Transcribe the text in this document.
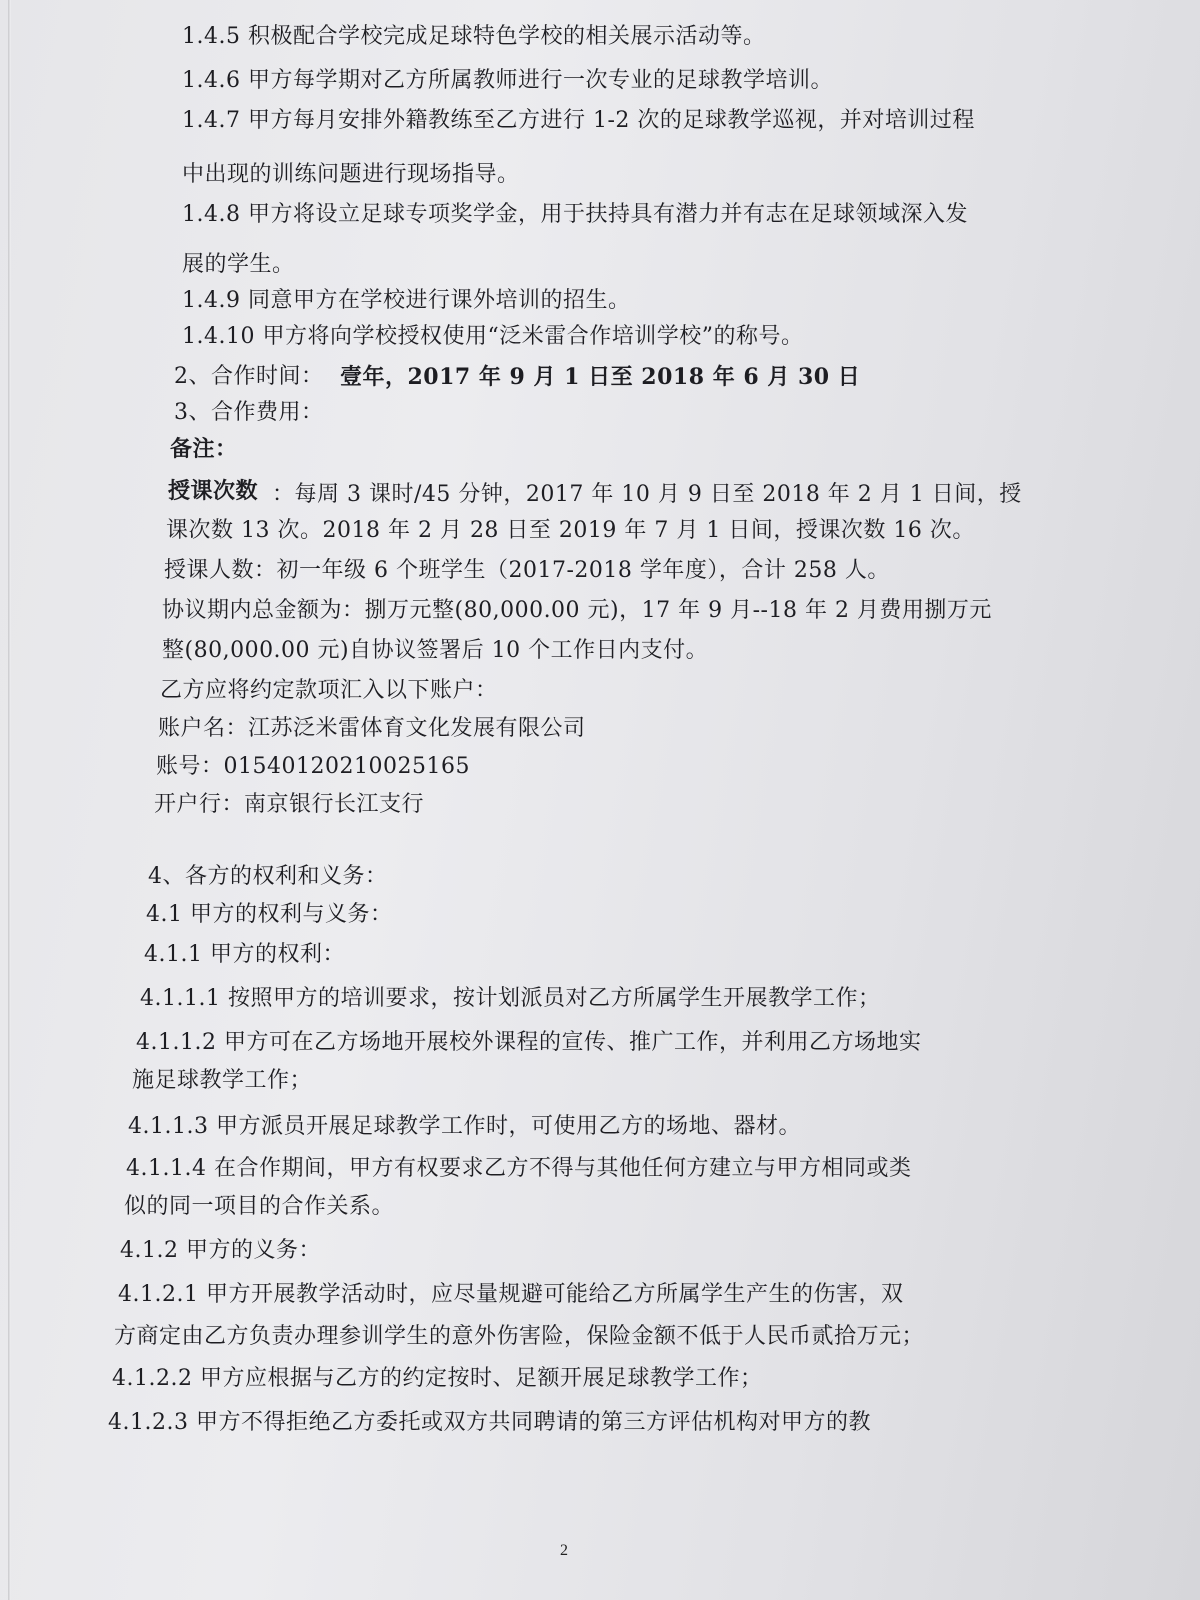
1.4.5 积极配合学校完成足球特色学校的相关展示活动等。
1.4.6 甲方每学期对乙方所属教师进行一次专业的足球教学培训。
1.4.7 甲方每月安排外籍教练至乙方进行 1-2 次的足球教学巡视，并对培训过程
中出现的训练问题进行现场指导。
1.4.8 甲方将设立足球专项奖学金，用于扶持具有潜力并有志在足球领域深入发
展的学生。
1.4.9 同意甲方在学校进行课外培训的招生。
1.4.10 甲方将向学校授权使用“泛米雷合作培训学校”的称号。
2、合作时间： 壹年，2017 年 9 月 1 日至 2018 年 6 月 30 日
3、合作费用：
备注：
授课次数 ：每周 3 课时/45 分钟，2017 年 10 月 9 日至 2018 年 2 月 1 日间，授
课次数 13 次。2018 年 2 月 28 日至 2019 年 7 月 1 日间，授课次数 16 次。
授课人数：初一年级 6 个班学生（2017-2018 学年度），合计 258 人。
协议期内总金额为：捌万元整(80,000.00 元)，17 年 9 月--18 年 2 月费用捌万元
整(80,000.00 元)自协议签署后 10 个工作日内支付。
乙方应将约定款项汇入以下账户：
账户名：江苏泛米雷体育文化发展有限公司
账号：01540120210025165
开户行：南京银行长江支行
4、各方的权利和义务：
4.1 甲方的权利与义务：
4.1.1 甲方的权利：
4.1.1.1 按照甲方的培训要求，按计划派员对乙方所属学生开展教学工作；
4.1.1.2 甲方可在乙方场地开展校外课程的宣传、推广工作，并利用乙方场地实
施足球教学工作；
4.1.1.3 甲方派员开展足球教学工作时，可使用乙方的场地、器材。
4.1.1.4 在合作期间，甲方有权要求乙方不得与其他任何方建立与甲方相同或类
似的同一项目的合作关系。
4.1.2 甲方的义务：
4.1.2.1 甲方开展教学活动时，应尽量规避可能给乙方所属学生产生的伤害，双
方商定由乙方负责办理参训学生的意外伤害险，保险金额不低于人民币贰拾万元；
4.1.2.2 甲方应根据与乙方的约定按时、足额开展足球教学工作；
4.1.2.3 甲方不得拒绝乙方委托或双方共同聘请的第三方评估机构对甲方的教
2
